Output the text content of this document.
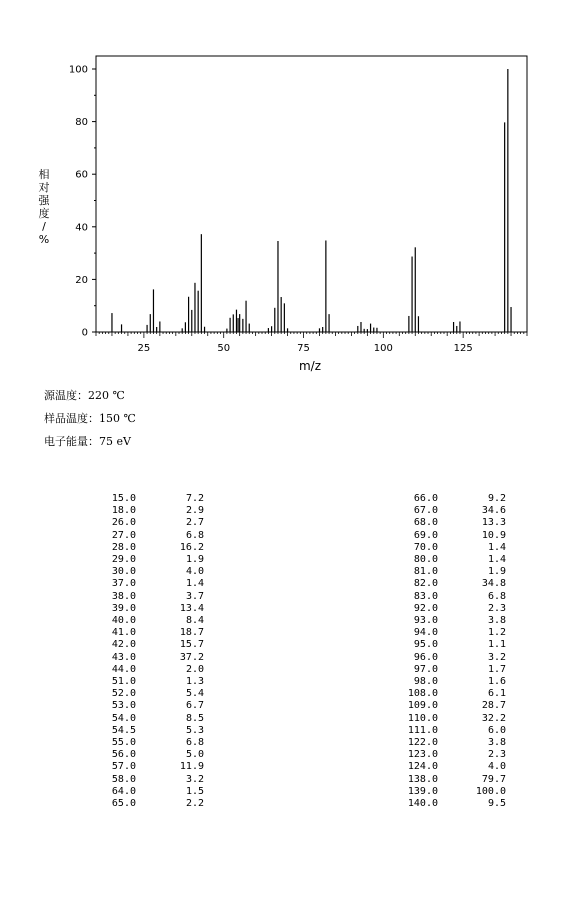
0
20
40
60
80
100
25	50	75	100	125
m/z
相
对
强
度
/
%
源温度：220 ℃
样品温度：150 ℃
电子能量：75 eV
15.0	7.2
18.0	2.9
26.0	2.7
27.0	6.8
28.0	16.2
29.0	1.9
30.0	4.0
37.0	1.4
38.0	3.7
39.0	13.4
40.0	8.4
41.0	18.7
42.0	15.7
43.0	37.2
44.0	2.0
51.0	1.3
52.0	5.4
53.0	6.7
54.0	8.5
54.5	5.3
55.0	6.8
56.0	5.0
57.0	11.9
58.0	3.2
64.0	1.5
65.0	2.2
66.0	9.2
67.0	34.6
68.0	13.3
69.0	10.9
70.0	1.4
80.0	1.4
81.0	1.9
82.0	34.8
83.0	6.8
92.0	2.3
93.0	3.8
94.0	1.2
95.0	1.1
96.0	3.2
97.0	1.7
98.0	1.6
108.0	6.1
109.0	28.7
110.0	32.2
111.0	6.0
122.0	3.8
123.0	2.3
124.0	4.0
138.0	79.7
139.0	100.0
140.0	9.5
